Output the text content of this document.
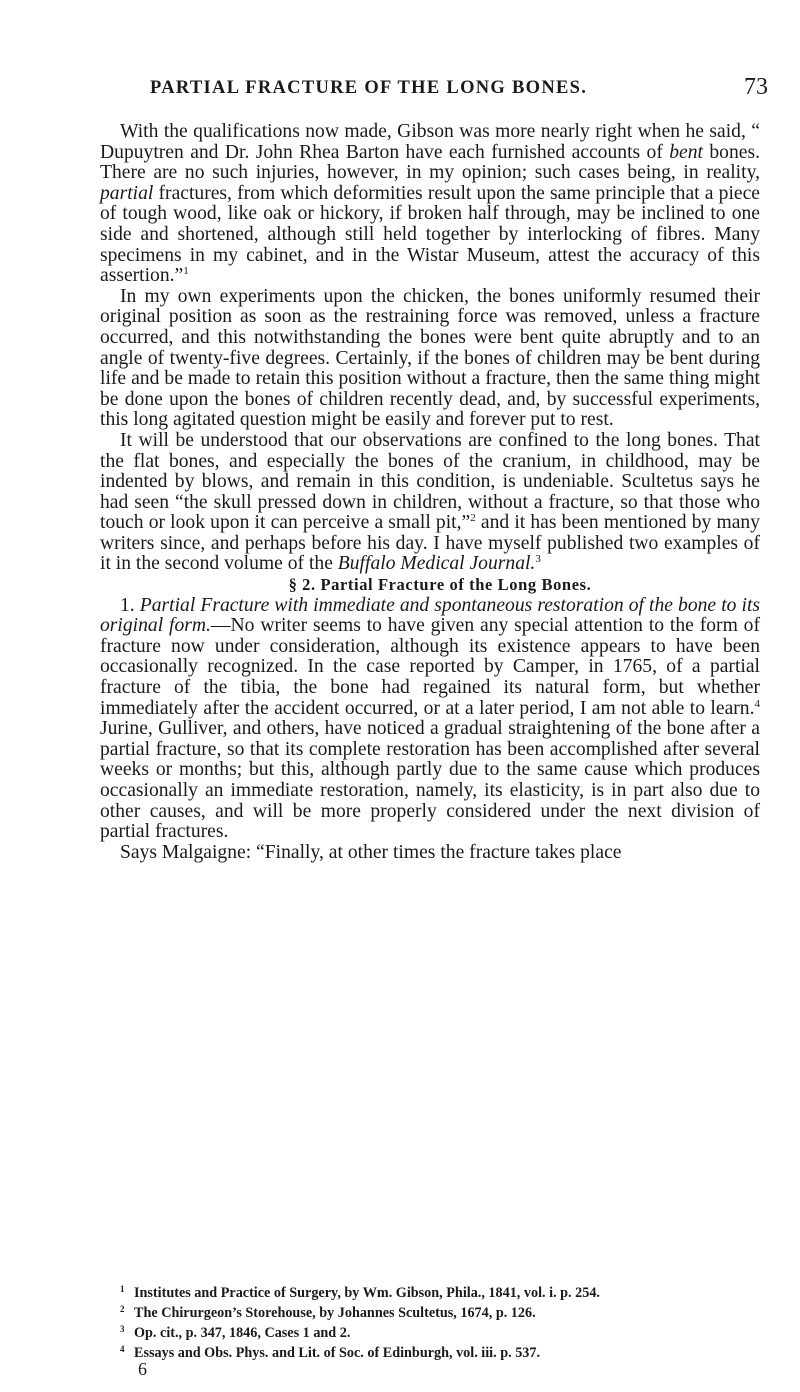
PARTIAL FRACTURE OF THE LONG BONES.	73

With the qualifications now made, Gibson was more nearly right when he said, “ Dupuytren and Dr. John Rhea Barton have each furnished accounts of bent bones. There are no such injuries, however, in my opinion; such cases being, in reality, partial fractures, from which deformities result upon the same principle that a piece of tough wood, like oak or hickory, if broken half through, may be inclined to one side and shortened, although still held together by interlocking of fibres. Many specimens in my cabinet, and in the Wistar Museum, attest the accuracy of this assertion.”$^1$

In my own experiments upon the chicken, the bones uniformly resumed their original position as soon as the restraining force was removed, unless a fracture occurred, and this notwithstanding the bones were bent quite abruptly and to an angle of twenty-five degrees. Certainly, if the bones of children may be bent during life and be made to retain this position without a fracture, then the same thing might be done upon the bones of children recently dead, and, by successful experiments, this long agitated question might be easily and forever put to rest.

It will be understood that our observations are confined to the long bones. That the flat bones, and especially the bones of the cranium, in childhood, may be indented by blows, and remain in this condition, is undeniable. Scultetus says he had seen “the skull pressed down in children, without a fracture, so that those who touch or look upon it can perceive a small pit,”$^2$ and it has been mentioned by many writers since, and perhaps before his day. I have myself published two examples of it in the second volume of the Buffalo Medical Journal.$^3$

§ 2. Partial Fracture of the Long Bones.

1. Partial Fracture with immediate and spontaneous restoration of the bone to its original form.—No writer seems to have given any special attention to the form of fracture now under consideration, although its existence appears to have been occasionally recognized. In the case reported by Camper, in 1765, of a partial fracture of the tibia, the bone had regained its natural form, but whether immediately after the accident occurred, or at a later period, I am not able to learn.$^4$ Jurine, Gulliver, and others, have noticed a gradual straightening of the bone after a partial fracture, so that its complete restoration has been accomplished after several weeks or months; but this, although partly due to the same cause which produces occasionally an immediate restoration, namely, its elasticity, is in part also due to other causes, and will be more properly considered under the next division of partial fractures.

Says Malgaigne: “Finally, at other times the fracture takes place

1 Institutes and Practice of Surgery, by Wm. Gibson, Phila., 1841, vol. i. p. 254.
2 The Chirurgeon’s Storehouse, by Johannes Scultetus, 1674, p. 126.
3 Op. cit., p. 347, 1846, Cases 1 and 2.
4 Essays and Obs. Phys. and Lit. of Soc. of Edinburgh, vol. iii. p. 537.
6
